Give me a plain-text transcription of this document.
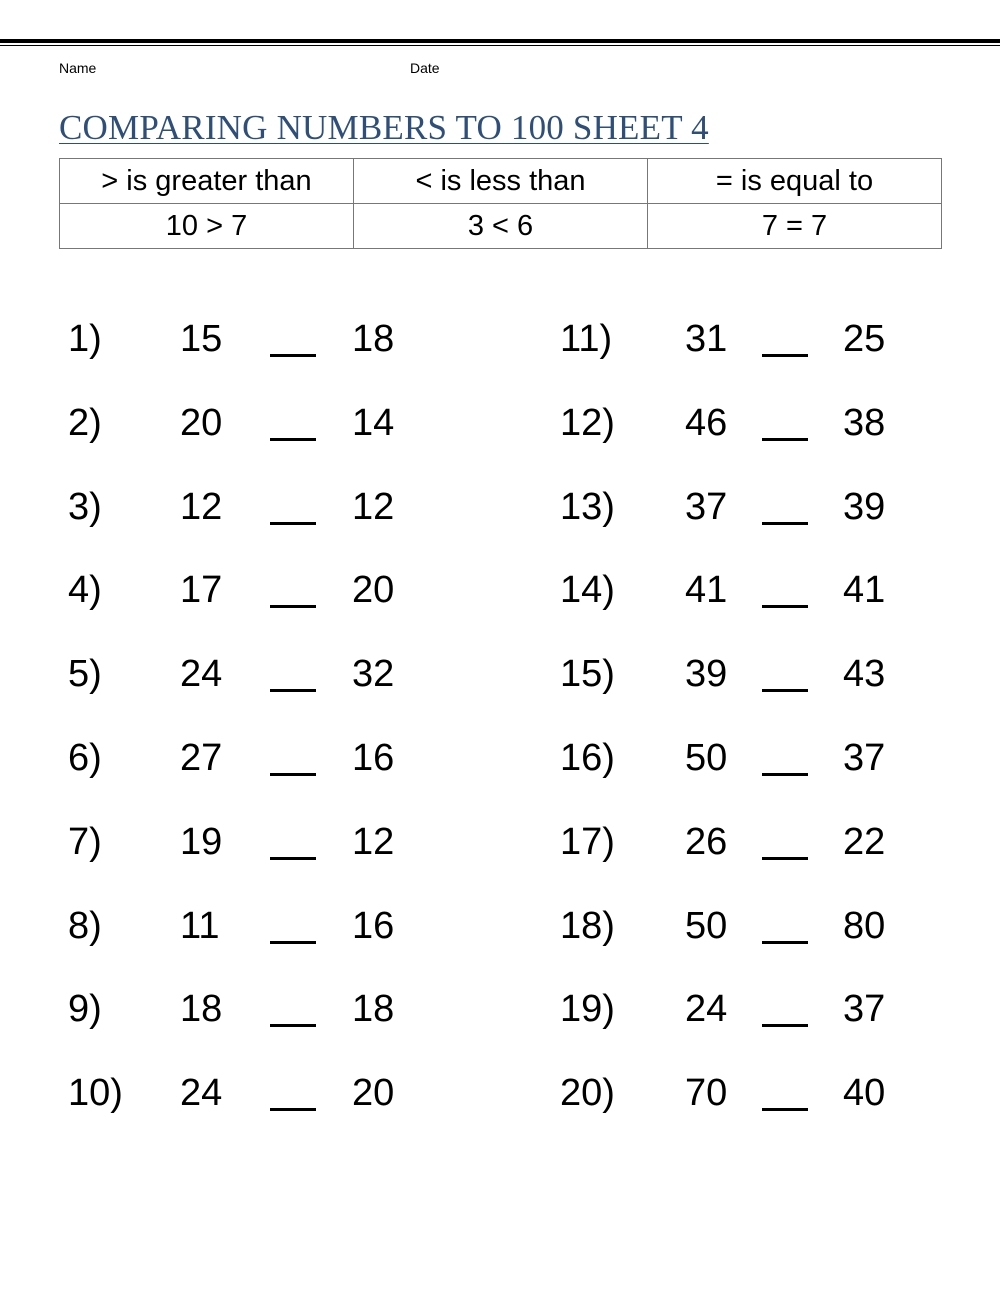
Name	Date
COMPARING NUMBERS TO 100 SHEET 4
> is greater than	< is less than	= is equal to
10 > 7	3 < 6	7 = 7
1) 15	18
2) 20	14
3) 12	12
4) 17	20
5) 24	32
6) 27	16
7) 19	12
8) 11	16
9) 18	18
10) 24	20
11) 31	25
12) 46	38
13) 37	39
14) 41	41
15) 39	43
16) 50	37
17) 26	22
18) 50	80
19) 24	37
20) 70	40
